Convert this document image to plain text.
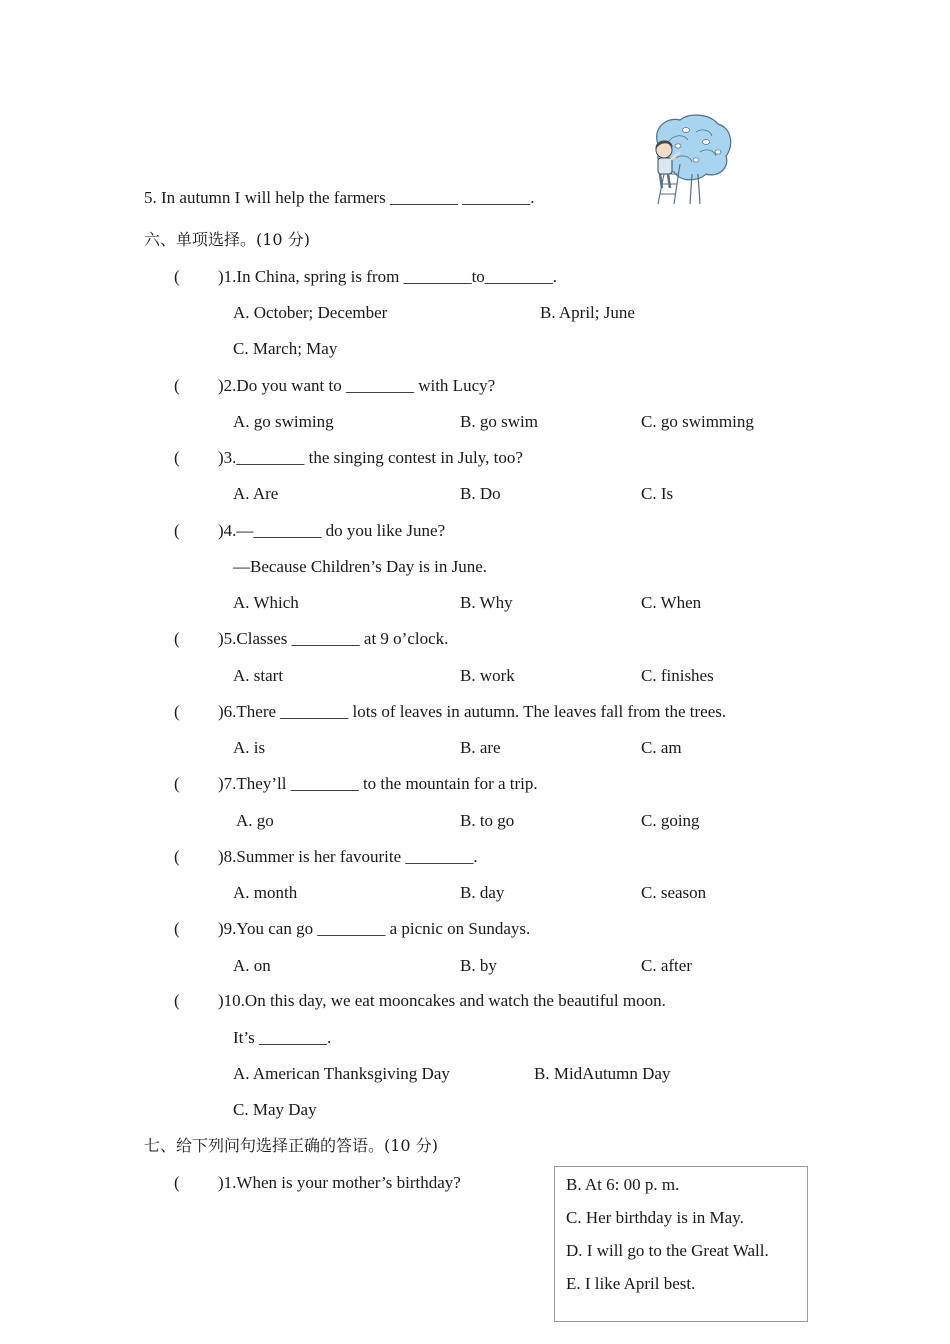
5. In autumn I will help the farmers ________ ________.
六、单项选择。(10 分)
( )1.In China, spring is from ________to________.
A. October; December	B. April; June
C. March; May
( )2.Do you want to ________ with Lucy?
A. go swiming	B. go swim	C. go swimming
( )3.________ the singing contest in July, too?
A. Are	B. Do	C. Is
( )4.—________ do you like June?
—Because Children’s Day is in June.
A. Which	B. Why	C. When
( )5.Classes ________ at 9 o’clock.
A. start	B. work	C. finishes
( )6.There ________ lots of leaves in autumn. The leaves fall from the trees.
A. is	B. are	C. am
( )7.They’ll ________ to the mountain for a trip.
A. go	B. to go	C. going
( )8.Summer is her favourite ________.
A. month	B. day	C. season
( )9.You can go ________ a picnic on Sundays.
A. on	B. by	C. after
( )10.On this day, we eat mooncakes and watch the beautiful moon.
It’s ________.
A. American Thanksgiving Day	B. MidAutumn Day
C. May Day
七、给下列问句选择正确的答语。(10 分)
( )1.When is your mother’s birthday?	B. At 6: 00 p. m.
C. Her birthday is in May.
D. I will go to the Great Wall.
E. I like April best.
